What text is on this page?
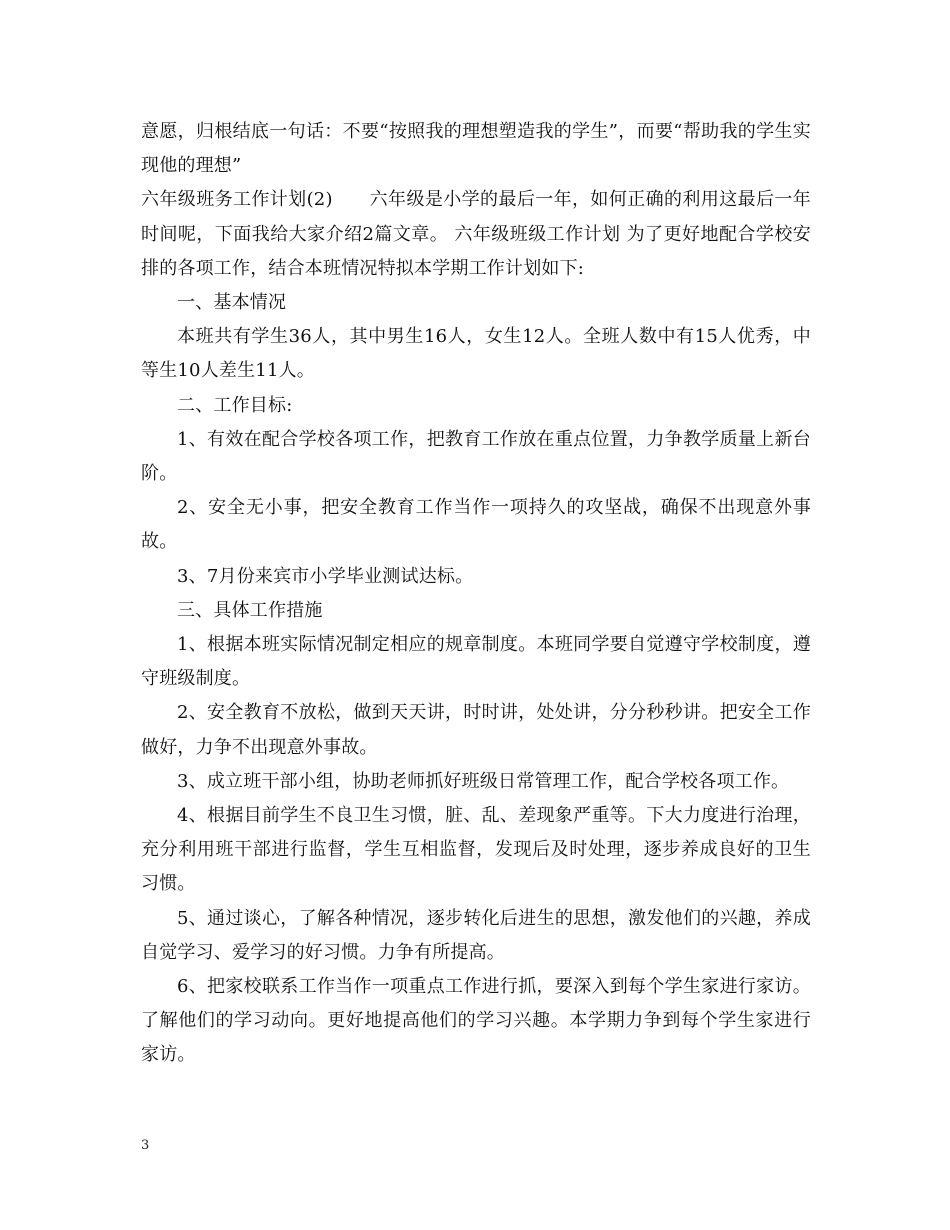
意愿，归根结底一句话：不要“按照我的理想塑造我的学生”，而要“帮助我的学生实现他的理想”

六年级班务工作计划(2)　　六年级是小学的最后一年，如何正确的利用这最后一年时间呢，下面我给大家介绍2篇文章。 六年级班级工作计划 为了更好地配合学校安排的各项工作，结合本班情况特拟本学期工作计划如下:

一、基本情况

本班共有学生36人，其中男生16人，女生12人。全班人数中有15人优秀，中等生10人差生11人。

二、工作目标:

1、有效在配合学校各项工作，把教育工作放在重点位置，力争教学质量上新台阶。

2、安全无小事，把安全教育工作当作一项持久的攻坚战，确保不出现意外事故。

3、7月份来宾市小学毕业测试达标。

三、具体工作措施

1、根据本班实际情况制定相应的规章制度。本班同学要自觉遵守学校制度，遵守班级制度。

2、安全教育不放松，做到天天讲，时时讲，处处讲，分分秒秒讲。把安全工作做好，力争不出现意外事故。

3、成立班干部小组，协助老师抓好班级日常管理工作，配合学校各项工作。

4、根据目前学生不良卫生习惯，脏、乱、差现象严重等。下大力度进行治理，充分利用班干部进行监督，学生互相监督，发现后及时处理，逐步养成良好的卫生习惯。

5、通过谈心，了解各种情况，逐步转化后进生的思想，激发他们的兴趣，养成自觉学习、爱学习的好习惯。力争有所提高。

6、把家校联系工作当作一项重点工作进行抓，要深入到每个学生家进行家访。了解他们的学习动向。更好地提高他们的学习兴趣。本学期力争到每个学生家进行家访。

3
